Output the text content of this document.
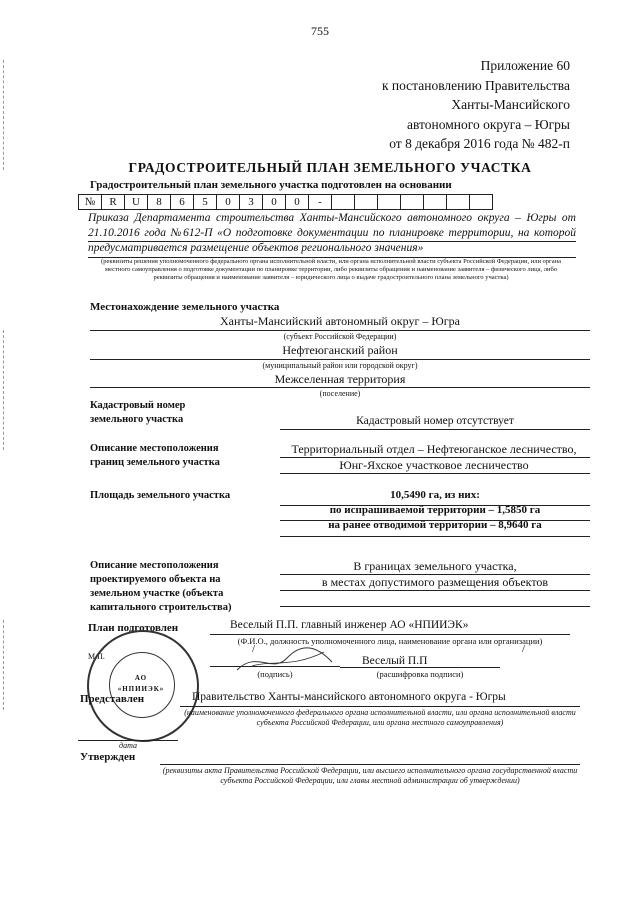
755
Приложение 60
к постановлению Правительства
Ханты-Мансийского
автономного округа – Югры
от 8 декабря 2016 года № 482-п
ГРАДОСТРОИТЕЛЬНЫЙ ПЛАН ЗЕМЕЛЬНОГО УЧАСТКА
Градостроительный план земельного участка подготовлен на основании
№	R	U	8	6	5	0	3	0	0	-							
Приказа Департамента строительства Ханты-Мансийского автономного округа – Югры от 21.10.2016 года №612-П «О подготовке документации по планировке территории, на которой предусматривается размещение объектов регионального значения»
(реквизиты решения уполномоченного федерального органа исполнительной власти, или органа исполнительной власти субъекта Российской Федерации, или органа местного самоуправления о подготовке документации по планировке территории, либо реквизиты обращения и наименование заявителя – физического лица, либо реквизиты обращения и наименование заявителя – юридического лица о выдаче градостроительного плана земельного участка)
Местонахождение земельного участка
Ханты-Мансийский автономный округ – Югра
(субъект Российской Федерации)
Нефтеюганский район
(муниципальный район или городской округ)
Межселенная территория
(поселение)
Кадастровый номер
земельного участка	Кадастровый номер отсутствует
Описание местоположения
границ земельного участка
Территориальный отдел – Нефтеюганское лесничество,
Юнг-Яхское участковое лесничество
Площадь земельного участка	10,5490 га, из них:
по испрашиваемой территории – 1,5850 га
на ранее отводимой территории – 8,9640 га
Описание местоположения
проектируемого объекта на
земельном участке (объекта
капитального строительства)
В границах земельного участка,
в местах допустимого размещения объектов
План подготовлен	Веселый П.П. главный инженер АО «НПИИЭК»
(Ф.И.О., должность уполномоченного лица, наименование органа или организации)
/
/
М.П.	Веселый П.П
(подпись)	(расшифровка подписи)
АО
«НПИИЭК»
Представлен	Правительство Ханты-мансийского автономного округа - Югры
(наименование уполномоченного федерального органа исполнительной власти, или органа исполнительной власти субъекта Российской Федерации, или органа местного самоуправления)
дата
Утвержден
(реквизиты акта Правительства Российской Федерации, или высшего исполнительного органа государственной власти субъекта Российской Федерации, или главы местной администрации об утверждении)
